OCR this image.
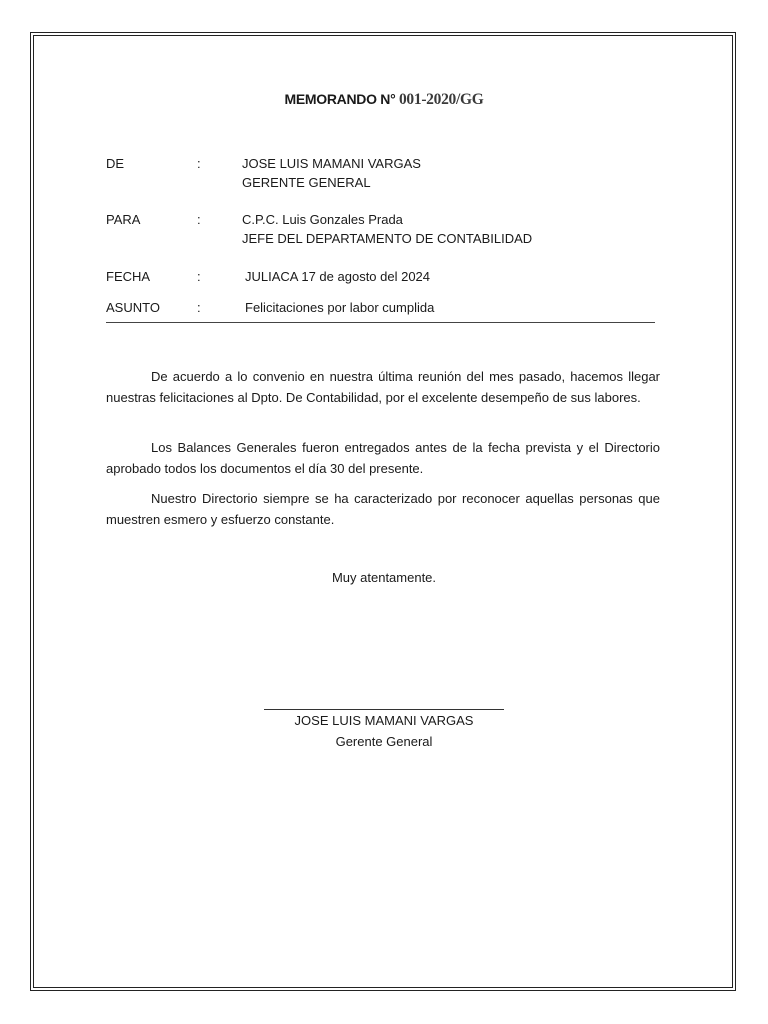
MEMORANDO N° 001-2020/GG
DE	:	JOSE LUIS MAMANI VARGAS
GERENTE GENERAL
PARA	:	C.P.C. Luis Gonzales Prada
JEFE DEL DEPARTAMENTO DE CONTABILIDAD
FECHA	:	JULIACA 17 de agosto del 2024
ASUNTO	:	Felicitaciones por labor cumplida

De acuerdo a lo convenio en nuestra última reunión del mes pasado, hacemos llegar nuestras felicitaciones al Dpto. De Contabilidad, por el excelente desempeño de sus labores.

Los Balances Generales fueron entregados antes de la fecha prevista y el Directorio aprobado todos los documentos el día 30 del presente.

Nuestro Directorio siempre se ha caracterizado por reconocer aquellas personas que muestren esmero y esfuerzo constante.

Muy atentamente.
JOSE LUIS MAMANI VARGAS
Gerente General
